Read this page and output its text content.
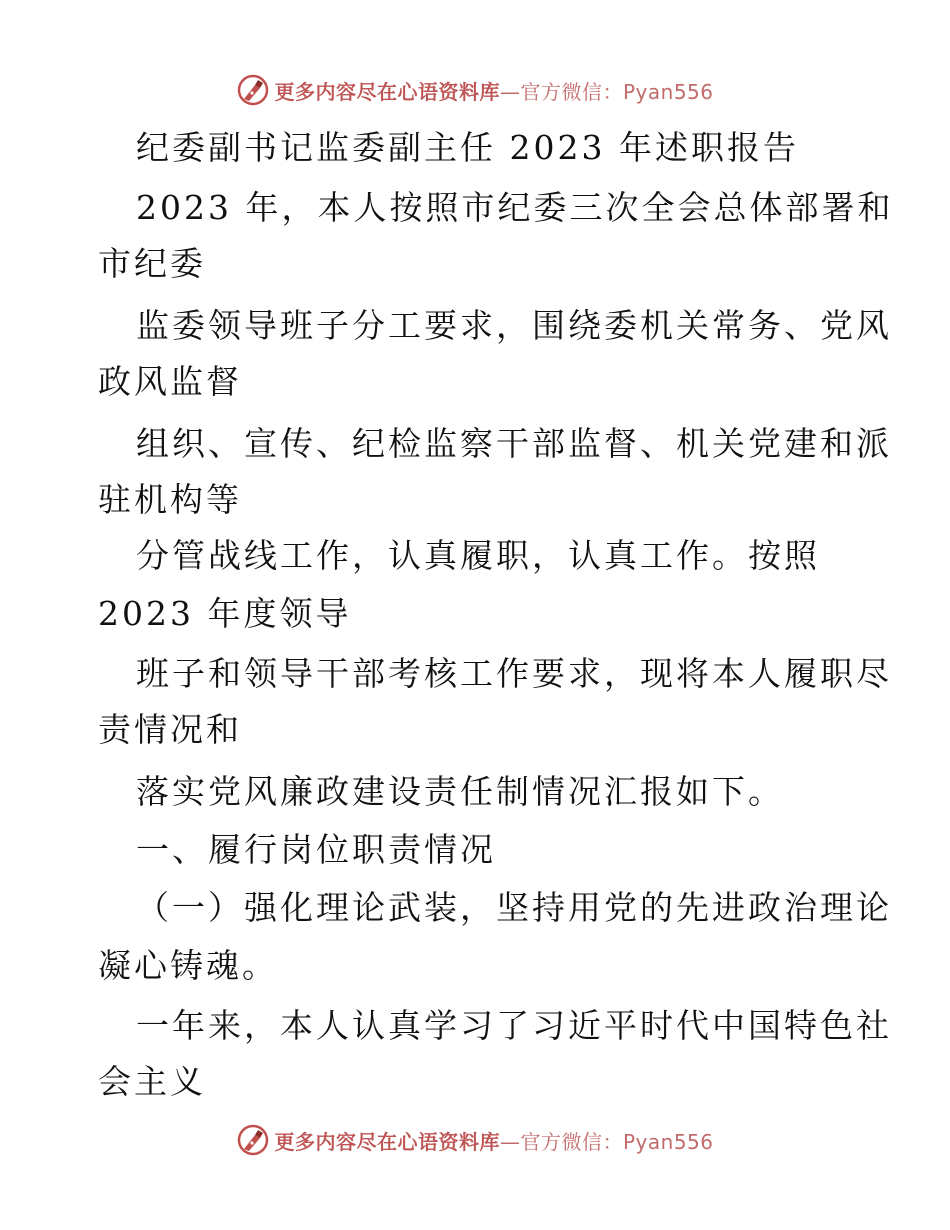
更多内容尽在心语资料库—官方微信：Pyan556
纪委副书记监委副主任 2023 年述职报告
2023 年，本人按照市纪委三次全会总体部署和
市纪委
监委领导班子分工要求，围绕委机关常务、党风
政风监督
组织、宣传、纪检监察干部监督、机关党建和派
驻机构等
分管战线工作，认真履职，认真工作。按照
2023 年度领导
班子和领导干部考核工作要求，现将本人履职尽
责情况和
落实党风廉政建设责任制情况汇报如下。
一、履行岗位职责情况
（一）强化理论武装，坚持用党的先进政治理论
凝心铸魂。
一年来，本人认真学习了习近平时代中国特色社
会主义
更多内容尽在心语资料库—官方微信：Pyan556
